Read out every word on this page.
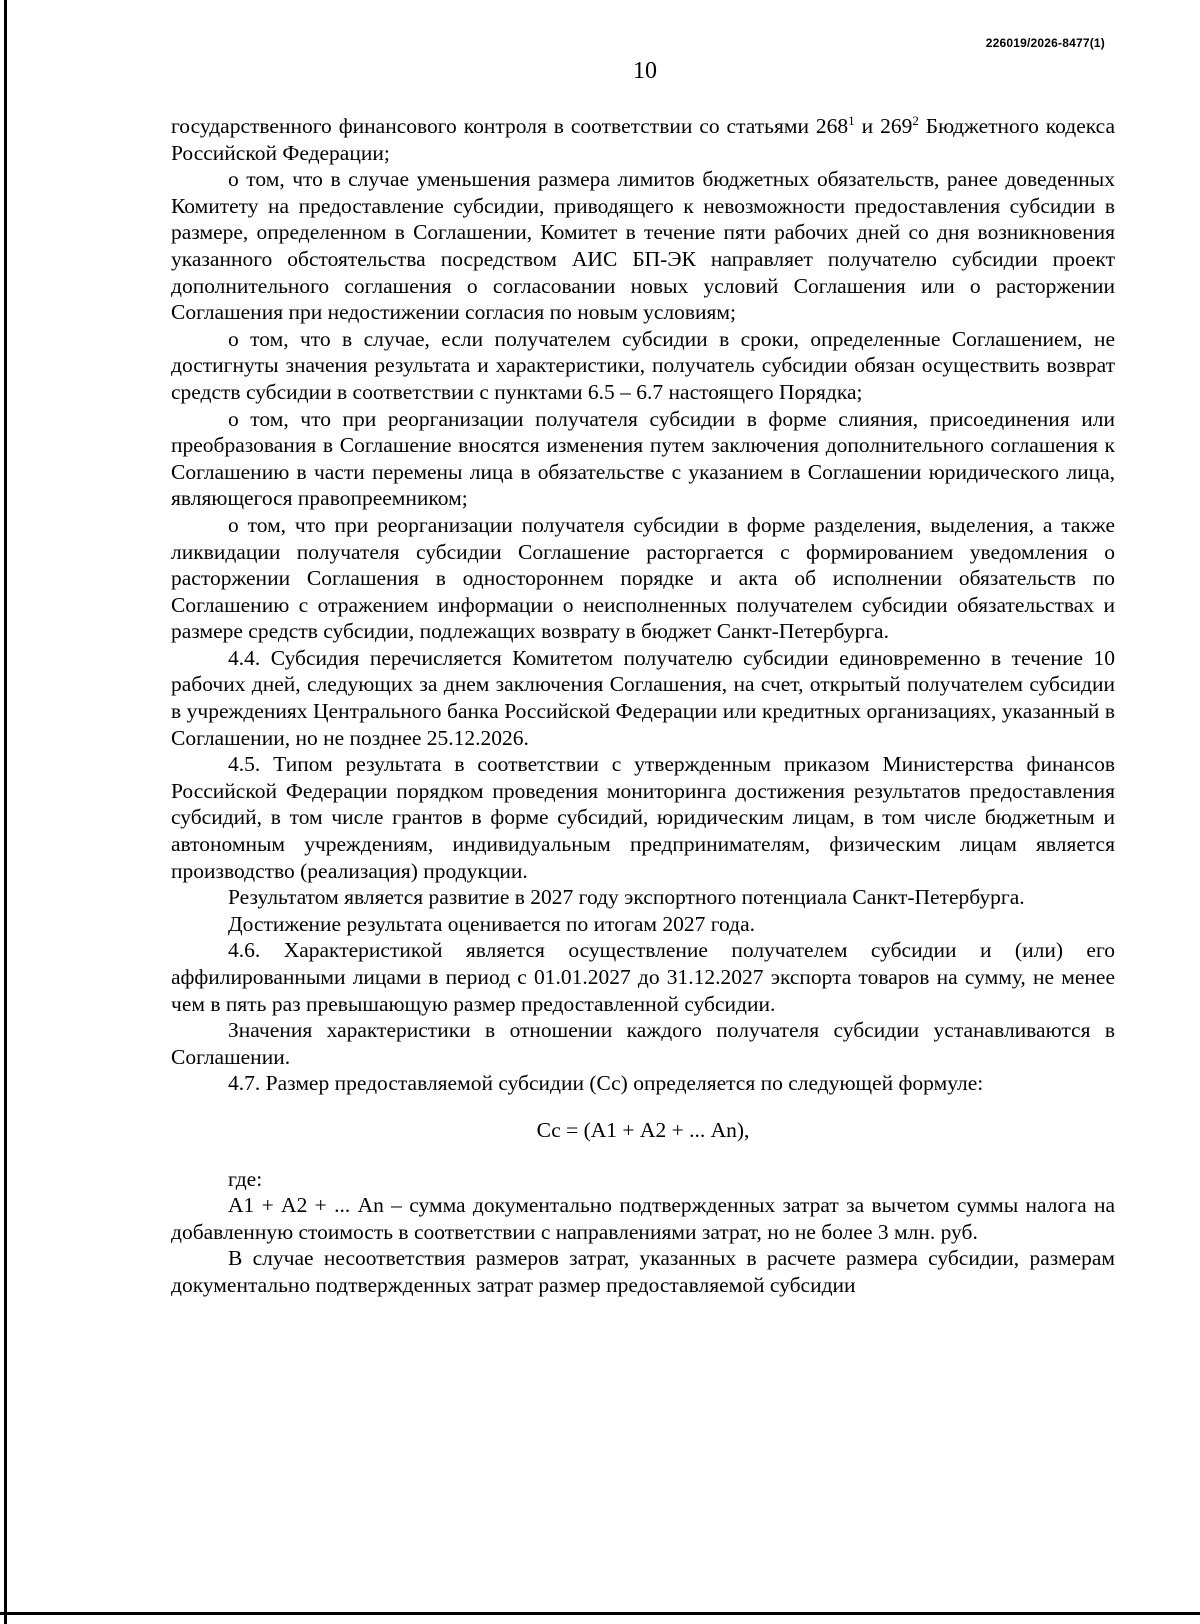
226019/2026-8477(1)
10

государственного финансового контроля в соответствии со статьями $268^1$ и $269^2$ Бюджетного кодекса Российской Федерации;

о том, что в случае уменьшения размера лимитов бюджетных обязательств, ранее доведенных Комитету на предоставление субсидии, приводящего к невозможности предоставления субсидии в размере, определенном в Соглашении, Комитет в течение пяти рабочих дней со дня возникновения указанного обстоятельства посредством АИС БП-ЭК направляет получателю субсидии проект дополнительного соглашения о согласовании новых условий Соглашения или о расторжении Соглашения при недостижении согласия по новым условиям;

о том, что в случае, если получателем субсидии в сроки, определенные Соглашением, не достигнуты значения результата и характеристики, получатель субсидии обязан осуществить возврат средств субсидии в соответствии с пунктами 6.5 – 6.7 настоящего Порядка;

о том, что при реорганизации получателя субсидии в форме слияния, присоединения или преобразования в Соглашение вносятся изменения путем заключения дополнительного соглашения к Соглашению в части перемены лица в обязательстве с указанием в Соглашении юридического лица, являющегося правопреемником;

о том, что при реорганизации получателя субсидии в форме разделения, выделения, а также ликвидации получателя субсидии Соглашение расторгается с формированием уведомления о расторжении Соглашения в одностороннем порядке и акта об исполнении обязательств по Соглашению с отражением информации о неисполненных получателем субсидии обязательствах и размере средств субсидии, подлежащих возврату в бюджет Санкт-Петербурга.

4.4. Субсидия перечисляется Комитетом получателю субсидии единовременно в течение 10 рабочих дней, следующих за днем заключения Соглашения, на счет, открытый получателем субсидии в учреждениях Центрального банка Российской Федерации или кредитных организациях, указанный в Соглашении, но не позднее 25.12.2026.

4.5. Типом результата в соответствии с утвержденным приказом Министерства финансов Российской Федерации порядком проведения мониторинга достижения результатов предоставления субсидий, в том числе грантов в форме субсидий, юридическим лицам, в том числе бюджетным и автономным учреждениям, индивидуальным предпринимателям, физическим лицам является производство (реализация) продукции.

Результатом является развитие в 2027 году экспортного потенциала Санкт-Петербурга.

Достижение результата оценивается по итогам 2027 года.

4.6. Характеристикой является осуществление получателем субсидии и (или) его аффилированными лицами в период с 01.01.2027 до 31.12.2027 экспорта товаров на сумму, не менее чем в пять раз превышающую размер предоставленной субсидии.

Значения характеристики в отношении каждого получателя субсидии устанавливаются в Соглашении.

4.7. Размер предоставляемой субсидии (Сс) определяется по следующей формуле:

Сс = (А1 + А2 + ... Аn),

где:

А1 + А2 + ... Аn – сумма документально подтвержденных затрат за вычетом суммы налога на добавленную стоимость в соответствии с направлениями затрат, но не более 3 млн. руб.

В случае несоответствия размеров затрат, указанных в расчете размера субсидии, размерам документально подтвержденных затрат размер предоставляемой субсидии
